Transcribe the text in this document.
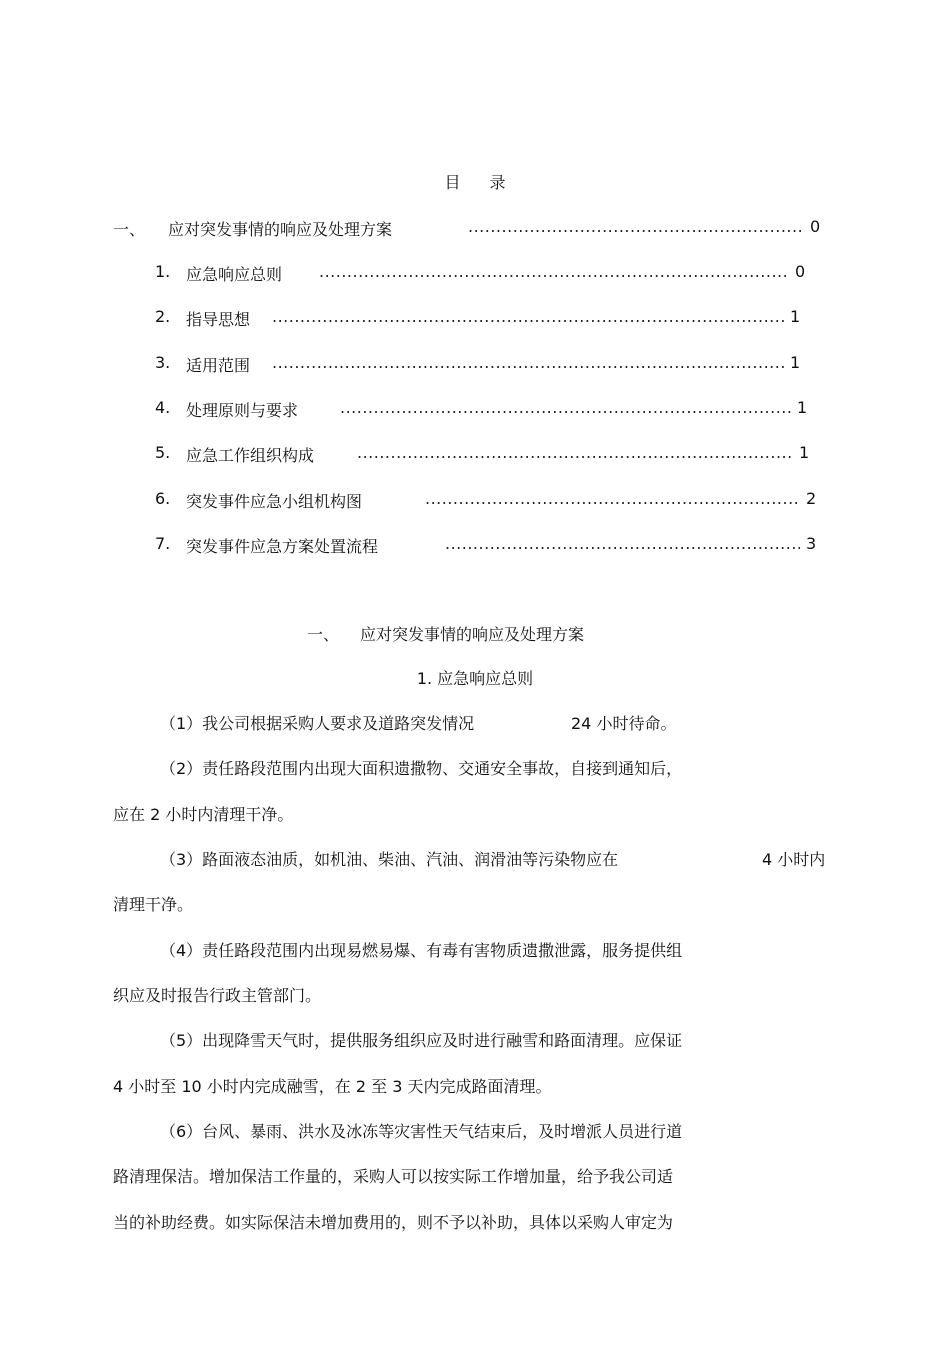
目 录
一、 应对突发事情的响应及处理方案 .....	0
1. 应急响应总则 .....	0
2. 指导思想 .....	1
3. 适用范围 .....	1
4. 处理原则与要求 .....	1
5. 应急工作组织构成 .....	1
6. 突发事件应急小组机构图 .....	2
7. 突发事件应急方案处置流程 .....	3
一、 应对突发事情的响应及处理方案
1. 应急响应总则
（1）我公司根据采购人要求及道路突发情况	24 小时待命。
（2）责任路段范围内出现大面积遗撒物、交通安全事故，自接到通知后，
应在 2 小时内清理干净。
（3）路面液态油质，如机油、柴油、汽油、润滑油等污染物应在	4 小时内
清理干净。
（4）责任路段范围内出现易燃易爆、有毒有害物质遗撒泄露，服务提供组
织应及时报告行政主管部门。
（5）出现降雪天气时，提供服务组织应及时进行融雪和路面清理。应保证
4 小时至 10 小时内完成融雪，在 2 至 3 天内完成路面清理。
（6）台风、暴雨、洪水及冰冻等灾害性天气结束后，及时增派人员进行道
路清理保洁。增加保洁工作量的，采购人可以按实际工作增加量，给予我公司适
当的补助经费。如实际保洁未增加费用的，则不予以补助，具体以采购人审定为
